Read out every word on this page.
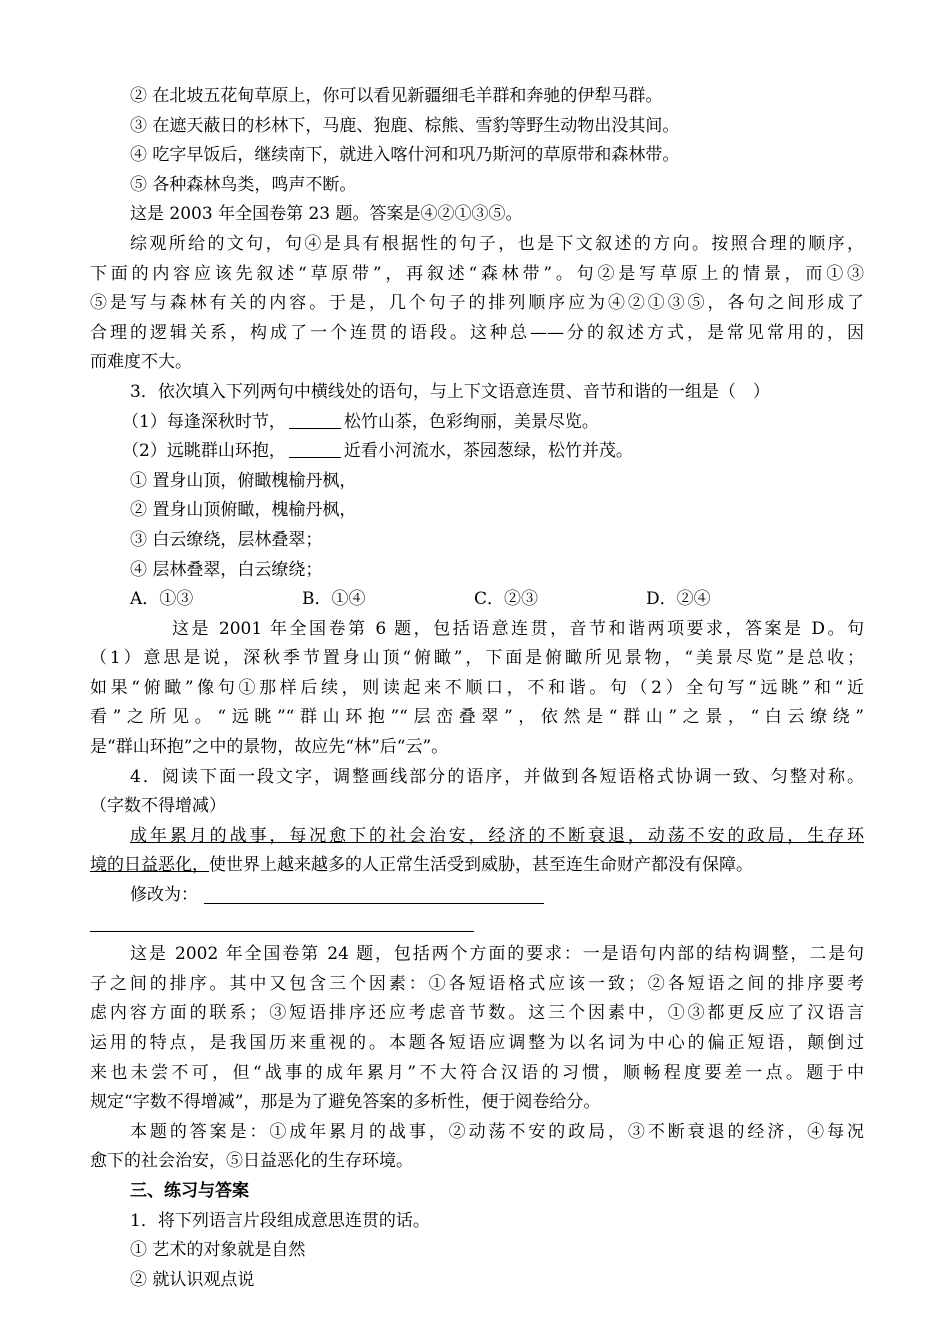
② 在北坡五花甸草原上，你可以看见新疆细毛羊群和奔驰的伊犁马群。
③ 在遮天蔽日的杉林下，马鹿、狍鹿、棕熊、雪豹等野生动物出没其间。
④ 吃字早饭后，继续南下，就进入喀什河和巩乃斯河的草原带和森林带。
⑤ 各种森林鸟类，鸣声不断。
这是 2003 年全国卷第 23 题。答案是④②①③⑤。
综观所给的文句，句④是具有根据性的句子，也是下文叙述的方向。按照合理的顺序，
下面的内容应该先叙述“草原带”，再叙述“森林带”。句②是写草原上的情景，而①③
⑤是写与森林有关的内容。于是，几个句子的排列顺序应为④②①③⑤，各句之间形成了
合理的逻辑关系，构成了一个连贯的语段。这种总——分的叙述方式，是常见常用的，因
而难度不大。
3．依次填入下列两句中横线处的语句，与上下文语意连贯、音节和谐的一组是（　）
（1）每逢深秋时节，	松竹山茶，色彩绚丽，美景尽览。
（2）远眺群山环抱，	近看小河流水，茶园葱绿，松竹并茂。
① 置身山顶，俯瞰槐榆丹枫，
② 置身山顶俯瞰，槐榆丹枫，
③ 白云缭绕，层林叠翠；
④ 层林叠翠，白云缭绕；
A．①③	B．①④	C．②③	D．②④
这是 2001 年全国卷第 6 题，包括语意连贯，音节和谐两项要求，答案是 D。句
（1）意思是说，深秋季节置身山顶“俯瞰”，下面是俯瞰所见景物，“美景尽览”是总收；
如果“俯瞰”像句①那样后续，则读起来不顺口，不和谐。句（2）全句写“远眺”和“近
看”之所见。“远眺”“群山环抱”“层峦叠翠”，依然是“群山”之景，“白云缭绕”
是“群山环抱”之中的景物，故应先“林”后“云”。
4．阅读下面一段文字，调整画线部分的语序，并做到各短语格式协调一致、匀整对称。
（字数不得增减）
成年累月的战事，每况愈下的社会治安，经济的不断衰退，动荡不安的政局，生存环
境的日益恶化，使世界上越来越多的人正常生活受到威胁，甚至连生命财产都没有保障。
修改为：
这是 2002 年全国卷第 24 题，包括两个方面的要求：一是语句内部的结构调整，二是句
子之间的排序。其中又包含三个因素：①各短语格式应该一致；②各短语之间的排序要考
虑内容方面的联系；③短语排序还应考虑音节数。这三个因素中，①③都更反应了汉语言
运用的特点，是我国历来重视的。本题各短语应调整为以名词为中心的偏正短语，颠倒过
来也未尝不可，但“战事的成年累月”不大符合汉语的习惯，顺畅程度要差一点。题于中
规定“字数不得增减”，那是为了避免答案的多析性，便于阅卷给分。
本题的答案是：①成年累月的战事，②动荡不安的政局，③不断衰退的经济，④每况
愈下的社会治安，⑤日益恶化的生存环境。
三、练习与答案
1．将下列语言片段组成意思连贯的话。
① 艺术的对象就是自然
② 就认识观点说
